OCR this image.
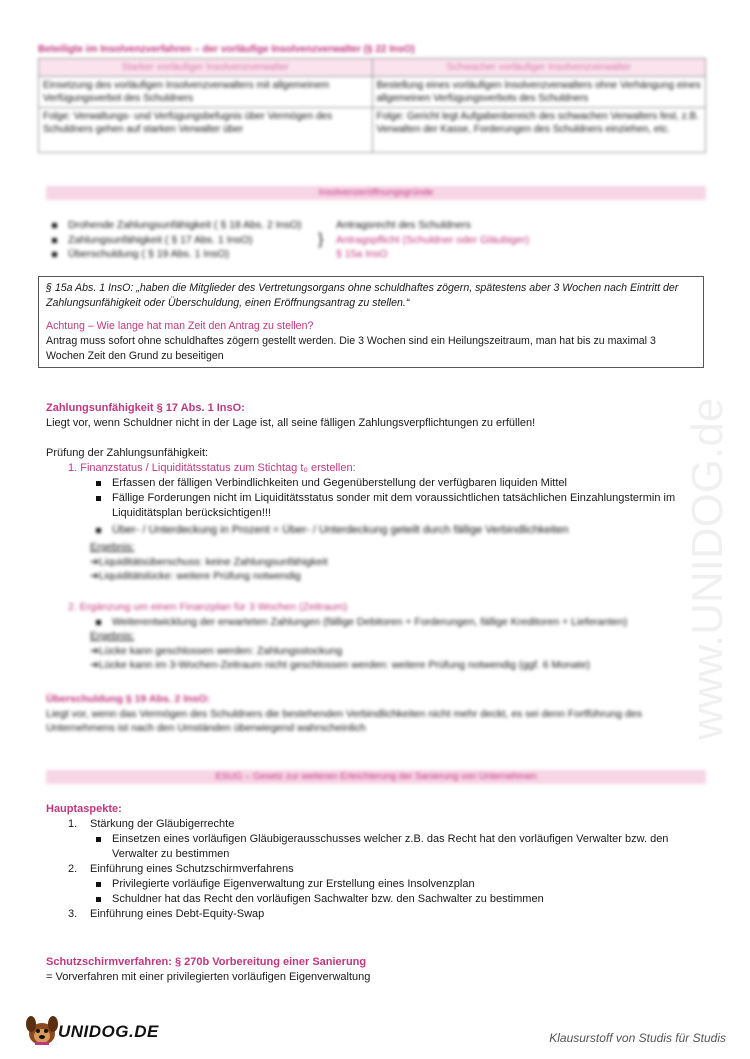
Beteiligte im Insolvenzverfahren – der vorläufige Insolvenzverwalter (§ 22 InsO)
Starker vorläufiger Insolvenzverwalter	Schwacher vorläufiger Insolvenzverwalter
Einsetzung des vorläufigen Insolvenzverwalters mit allgemeinem Verfügungsverbot des Schuldners	Bestellung eines vorläufigen Insolvenzverwalters ohne Verhängung eines allgemeinen Verfügungsverbots des Schuldners
Folge: Verwaltungs- und Verfügungsbefugnis über Vermögen des Schuldners gehen auf starken Verwalter über	Folge: Gericht legt Aufgabenbereich des schwachen Verwalters fest, z.B. Verwalten der Kasse, Forderungen des Schuldners einziehen, etc.
Insolvenzeröffnungsgründe
Drohende Zahlungsunfähigkeit ( § 18 Abs. 2 InsO)
Zahlungsunfähigkeit ( § 17 Abs. 1 InsO)
Überschuldung ( § 19 Abs. 1 InsO)
}
Antragsrecht des Schuldners
Antragspflicht (Schuldner oder Gläubiger)
§ 15a InsO
§ 15a Abs. 1 InsO: „haben die Mitglieder des Vertretungsorgans ohne schuldhaftes zögern, spätestens aber 3 Wochen nach Eintritt der Zahlungsunfähigkeit oder Überschuldung, einen Eröffnungsantrag zu stellen.“
Achtung – Wie lange hat man Zeit den Antrag zu stellen?
Antrag muss sofort ohne schuldhaftes zögern gestellt werden. Die 3 Wochen sind ein Heilungszeitraum, man hat bis zu maximal 3 Wochen Zeit den Grund zu beseitigen
Zahlungsunfähigkeit § 17 Abs. 1 InsO:
Liegt vor, wenn Schuldner nicht in der Lage ist, all seine fälligen Zahlungsverpflichtungen zu erfüllen!
Prüfung der Zahlungsunfähigkeit:
1. Finanzstatus / Liquiditätsstatus zum Stichtag t₀ erstellen:
Erfassen der fälligen Verbindlichkeiten und Gegenüberstellung der verfügbaren liquiden Mittel
Fällige Forderungen nicht im Liquiditätsstatus sonder mit dem voraussichtlichen tatsächlichen Einzahlungstermin im Liquiditätsplan berücksichtigen!!!
Über- / Unterdeckung in Prozent = Über- / Unterdeckung geteilt durch fällige Verbindlichkeiten
Ergebnis:
➔Liquiditätsüberschuss: keine Zahlungsunfähigkeit
➔Liquiditätslücke: weitere Prüfung notwendig
2. Ergänzung um einen Finanzplan für 3 Wochen (Zeitraum)
Weiterentwicklung der erwarteten Zahlungen (fällige Debitoren + Forderungen, fällige Kreditoren + Lieferanten)
Ergebnis:
➔Lücke kann geschlossen werden: Zahlungsstockung
➔Lücke kann im 3-Wochen-Zeitraum nicht geschlossen werden: weitere Prüfung notwendig (ggf. 6 Monate)
Überschuldung § 19 Abs. 2 InsO:
Liegt vor, wenn das Vermögen des Schuldners die bestehenden Verbindlichkeiten nicht mehr deckt, es sei denn Fortführung des Unternehmens ist nach den Umständen überwiegend wahrscheinlich
ESUG – Gesetz zur weiteren Erleichterung der Sanierung von Unternehmen
Hauptaspekte:
1. Stärkung der Gläubigerrechte
Einsetzen eines vorläufigen Gläubigerausschusses welcher z.B. das Recht hat den vorläufigen Verwalter bzw. den Verwalter zu bestimmen
2. Einführung eines Schutzschirmverfahrens
Privilegierte vorläufige Eigenverwaltung zur Erstellung eines Insolvenzplan
Schuldner hat das Recht den vorläufigen Sachwalter bzw. den Sachwalter zu bestimmen
3. Einführung eines Debt-Equity-Swap
Schutzschirmverfahren: § 270b Vorbereitung einer Sanierung
= Vorverfahren mit einer privilegierten vorläufigen Eigenverwaltung
www.UNIDOG.de
UNIDOG.DE	Klausurstoff von Studis für Studis
